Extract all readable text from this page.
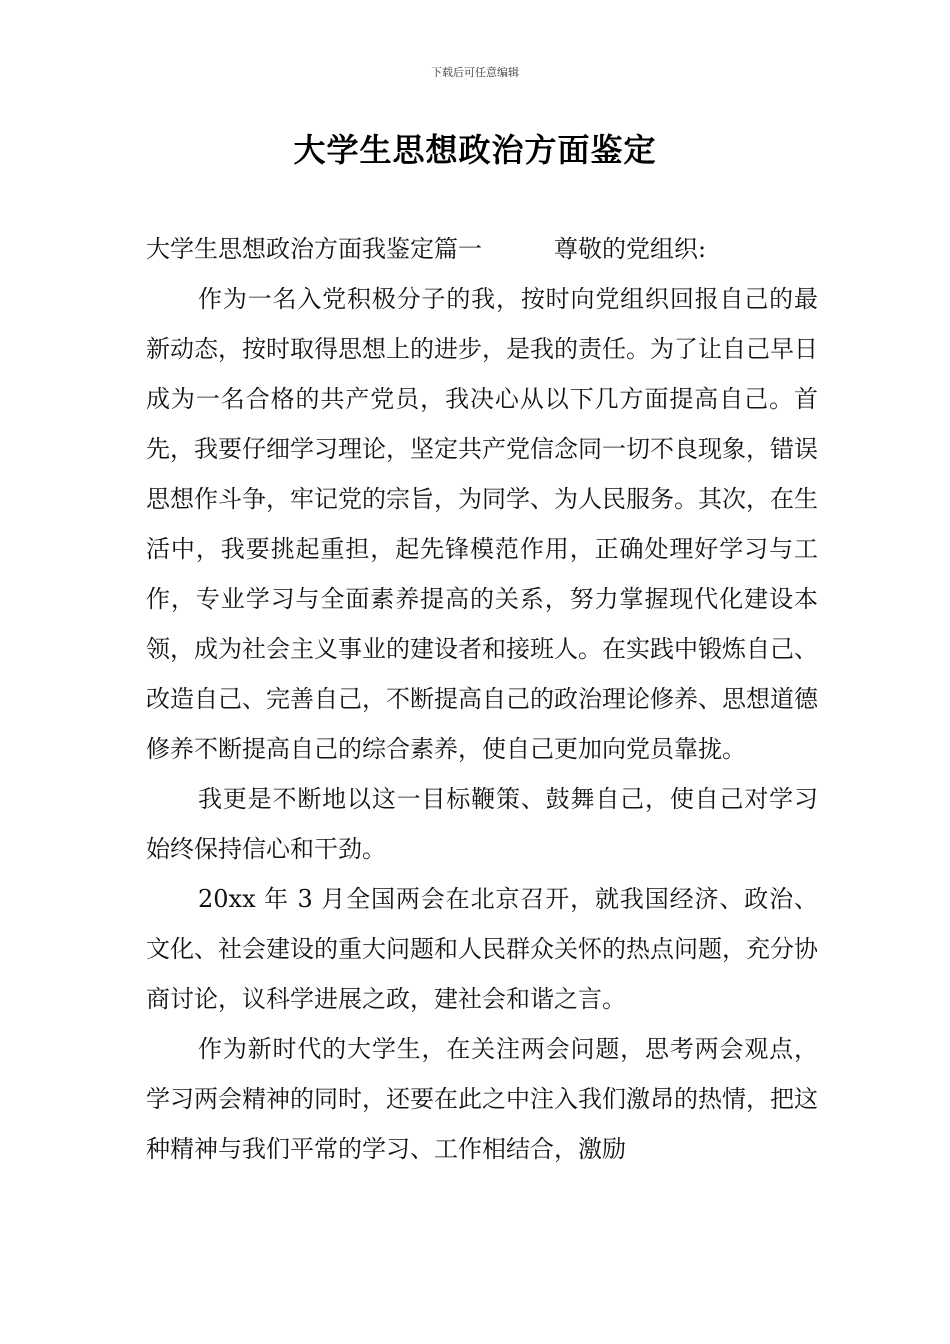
下载后可任意编辑
大学生思想政治方面鉴定

大学生思想政治方面我鉴定篇一	尊敬的党组织:

作为一名入党积极分子的我，按时向党组织回报自己的最新动态，按时取得思想上的进步，是我的责任。为了让自己早日成为一名合格的共产党员，我决心从以下几方面提高自己。首先，我要仔细学习理论，坚定共产党信念同一切不良现象，错误思想作斗争，牢记党的宗旨，为同学、为人民服务。其次，在生活中，我要挑起重担，起先锋模范作用，正确处理好学习与工作，专业学习与全面素养提高的关系，努力掌握现代化建设本领，成为社会主义事业的建设者和接班人。在实践中锻炼自己、改造自己、完善自己，不断提高自己的政治理论修养、思想道德修养不断提高自己的综合素养，使自己更加向党员靠拢。

我更是不断地以这一目标鞭策、鼓舞自己，使自己对学习始终保持信心和干劲。

20xx 年 3 月全国两会在北京召开，就我国经济、政治、文化、社会建设的重大问题和人民群众关怀的热点问题，充分协商讨论，议科学进展之政，建社会和谐之言。

作为新时代的大学生，在关注两会问题，思考两会观点，学习两会精神的同时，还要在此之中注入我们激昂的热情，把这种精神与我们平常的学习、工作相结合，激励
